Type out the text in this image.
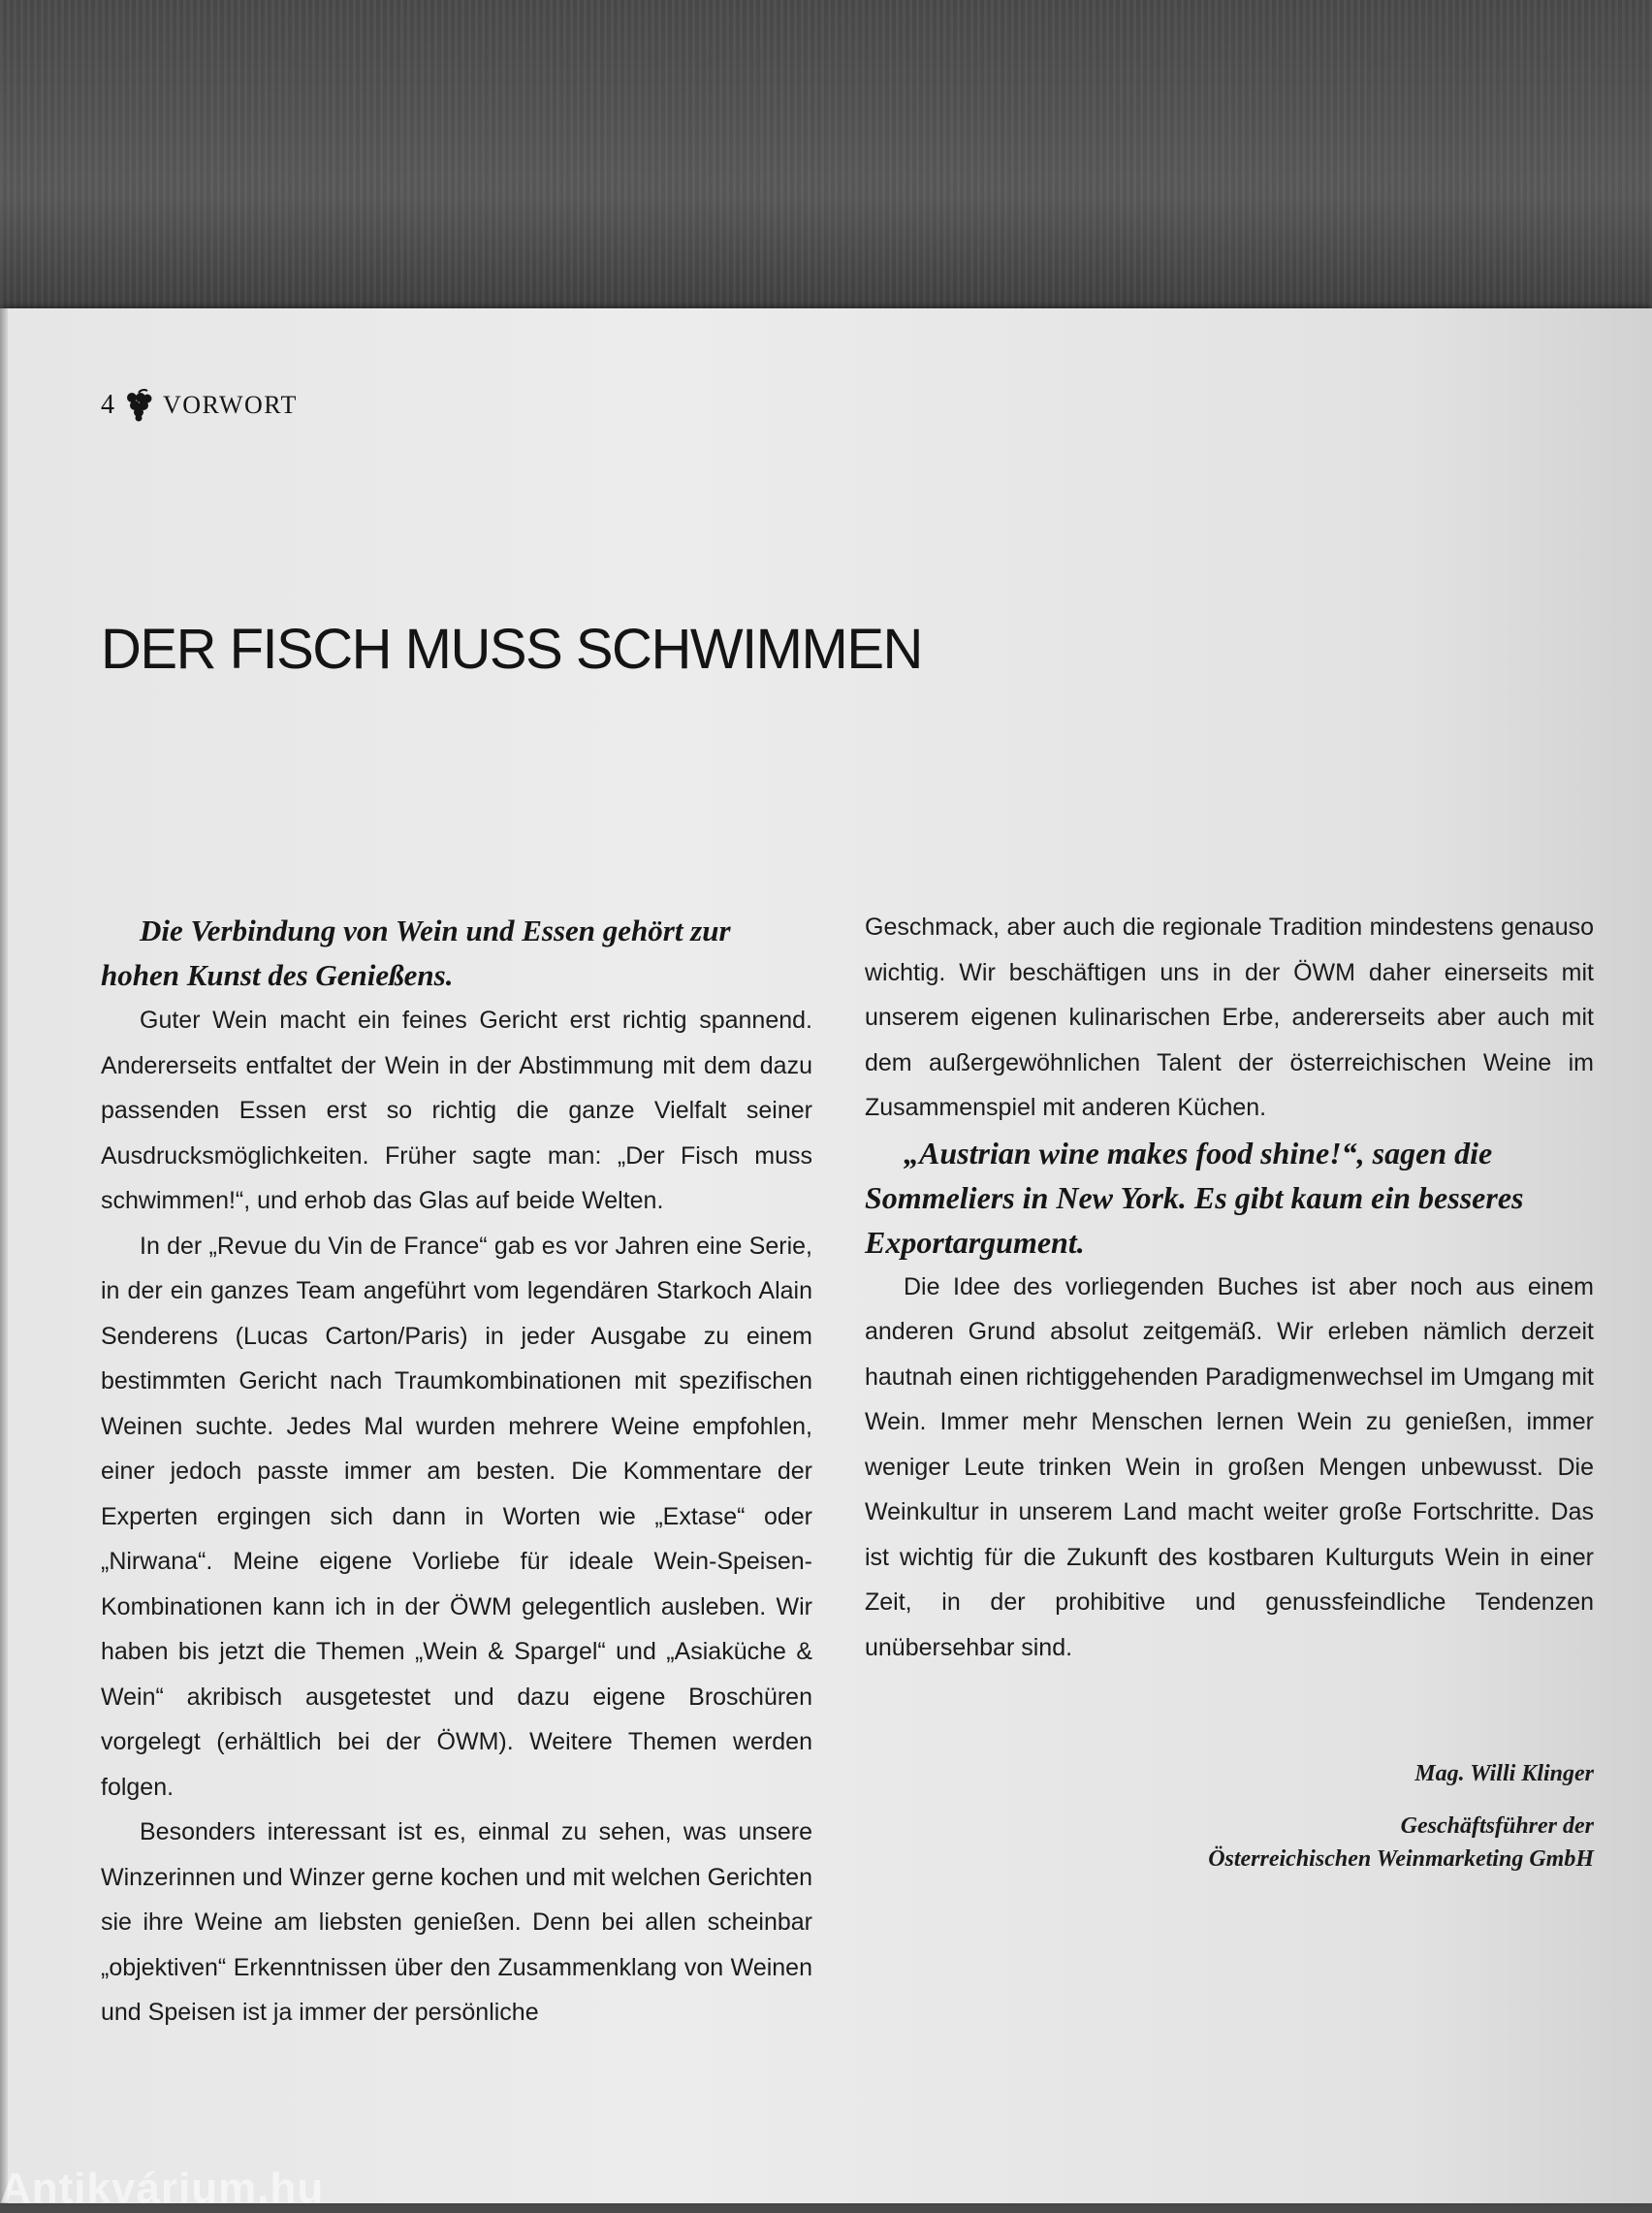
4 VORWORT
DER FISCH MUSS SCHWIMMEN

Die Verbindung von Wein und Essen gehört zur hohen Kunst des Genießens.

Guter Wein macht ein feines Gericht erst richtig spannend. Andererseits entfaltet der Wein in der Abstimmung mit dem dazu passenden Essen erst so richtig die ganze Vielfalt seiner Ausdrucksmöglichkeiten. Früher sagte man: „Der Fisch muss schwimmen!“, und erhob das Glas auf beide Welten.

In der „Revue du Vin de France“ gab es vor Jahren eine Serie, in der ein ganzes Team angeführt vom legendären Starkoch Alain Senderens (Lucas Carton/Paris) in jeder Ausgabe zu einem bestimmten Gericht nach Traumkombinationen mit spezifischen Weinen suchte. Jedes Mal wurden mehrere Weine empfohlen, einer jedoch passte immer am besten. Die Kommentare der Experten ergingen sich dann in Worten wie „Extase“ oder „Nirwana“. Meine eigene Vorliebe für ideale Wein-Speisen-Kombinationen kann ich in der ÖWM gelegentlich ausleben. Wir haben bis jetzt die Themen „Wein & Spargel“ und „Asiaküche & Wein“ akribisch ausgetestet und dazu eigene Broschüren vorgelegt (erhältlich bei der ÖWM). Weitere Themen werden folgen.

Besonders interessant ist es, einmal zu sehen, was unsere Winzerinnen und Winzer gerne kochen und mit welchen Gerichten sie ihre Weine am liebsten genießen. Denn bei allen scheinbar „objektiven“ Erkenntnissen über den Zusammenklang von Weinen und Speisen ist ja immer der persönliche

Geschmack, aber auch die regionale Tradition mindestens genauso wichtig. Wir beschäftigen uns in der ÖWM daher einerseits mit unserem eigenen kulinarischen Erbe, andererseits aber auch mit dem außergewöhnlichen Talent der österreichischen Weine im Zusammenspiel mit anderen Küchen.

„Austrian wine makes food shine!“, sagen die Sommeliers in New York. Es gibt kaum ein besseres Exportargument.

Die Idee des vorliegenden Buches ist aber noch aus einem anderen Grund absolut zeitgemäß. Wir erleben nämlich derzeit hautnah einen richtiggehenden Paradigmenwechsel im Umgang mit Wein. Immer mehr Menschen lernen Wein zu genießen, immer weniger Leute trinken Wein in großen Mengen unbewusst. Die Weinkultur in unserem Land macht weiter große Fortschritte. Das ist wichtig für die Zukunft des kostbaren Kulturguts Wein in einer Zeit, in der prohibitive und genussfeindliche Tendenzen unübersehbar sind.

Mag. Willi Klinger
Geschäftsführer der
Österreichischen Weinmarketing GmbH
Antikvárium.hu
